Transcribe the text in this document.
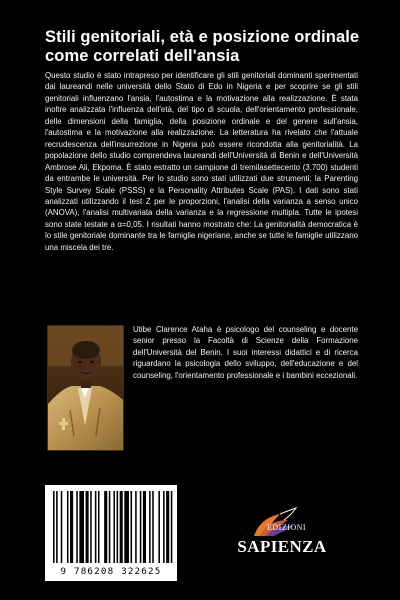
Stili genitoriali, età e posizione ordinale come correlati dell'ansia

Questo studio è stato intrapreso per identificare gli stili genitoriali dominanti sperimentati dai laureandi nelle università dello Stato di Edo in Nigeria e per scoprire se gli stili genitoriali influenzano l'ansia, l'autostima e la motivazione alla realizzazione. È stata inoltre analizzata l'influenza dell'età, del tipo di scuola, dell'orientamento professionale, delle dimensioni della famiglia, della posizione ordinale e del genere sull'ansia, l'autostima e la motivazione alla realizzazione. La letteratura ha rivelato che l'attuale recrudescenza dell'insurrezione in Nigeria può essere ricondotta alla genitorialità. La popolazione dello studio comprendeva laureandi dell'Università di Benin e dell'Università Ambrose Ali, Ekpoma. È stato estratto un campione di tremilasettecento (3.700) studenti da entrambe le università. Per lo studio sono stati utilizzati due strumenti: la Parenting Style Survey Scale (PSSS) e la Personality Attributes Scale (PAS). I dati sono stati analizzati utilizzando il test Z per le proporzioni, l'analisi della varianza a senso unico (ANOVA), l'analisi multivariata della varianza e la regressione multipla. Tutte le ipotesi sono state testate a α=0,05. I risultati hanno mostrato che: La genitorialità democratica è lo stile genitoriale dominante tra le famiglie nigeriane, anche se tutte le famiglie utilizzano una miscela dei tre.

Utibe Clarence Ataha è psicologo del counseling e docente senior presso la Facoltà di Scienze della Formazione dell'Università del Benin. I suoi interessi didattici e di ricerca riguardano la psicologia dello sviluppo, dell'educazione e del counseling, l'orientamento professionale e i bambini eccezionali.

9 786208 322625
EDIZIONI
SAPIENZA
